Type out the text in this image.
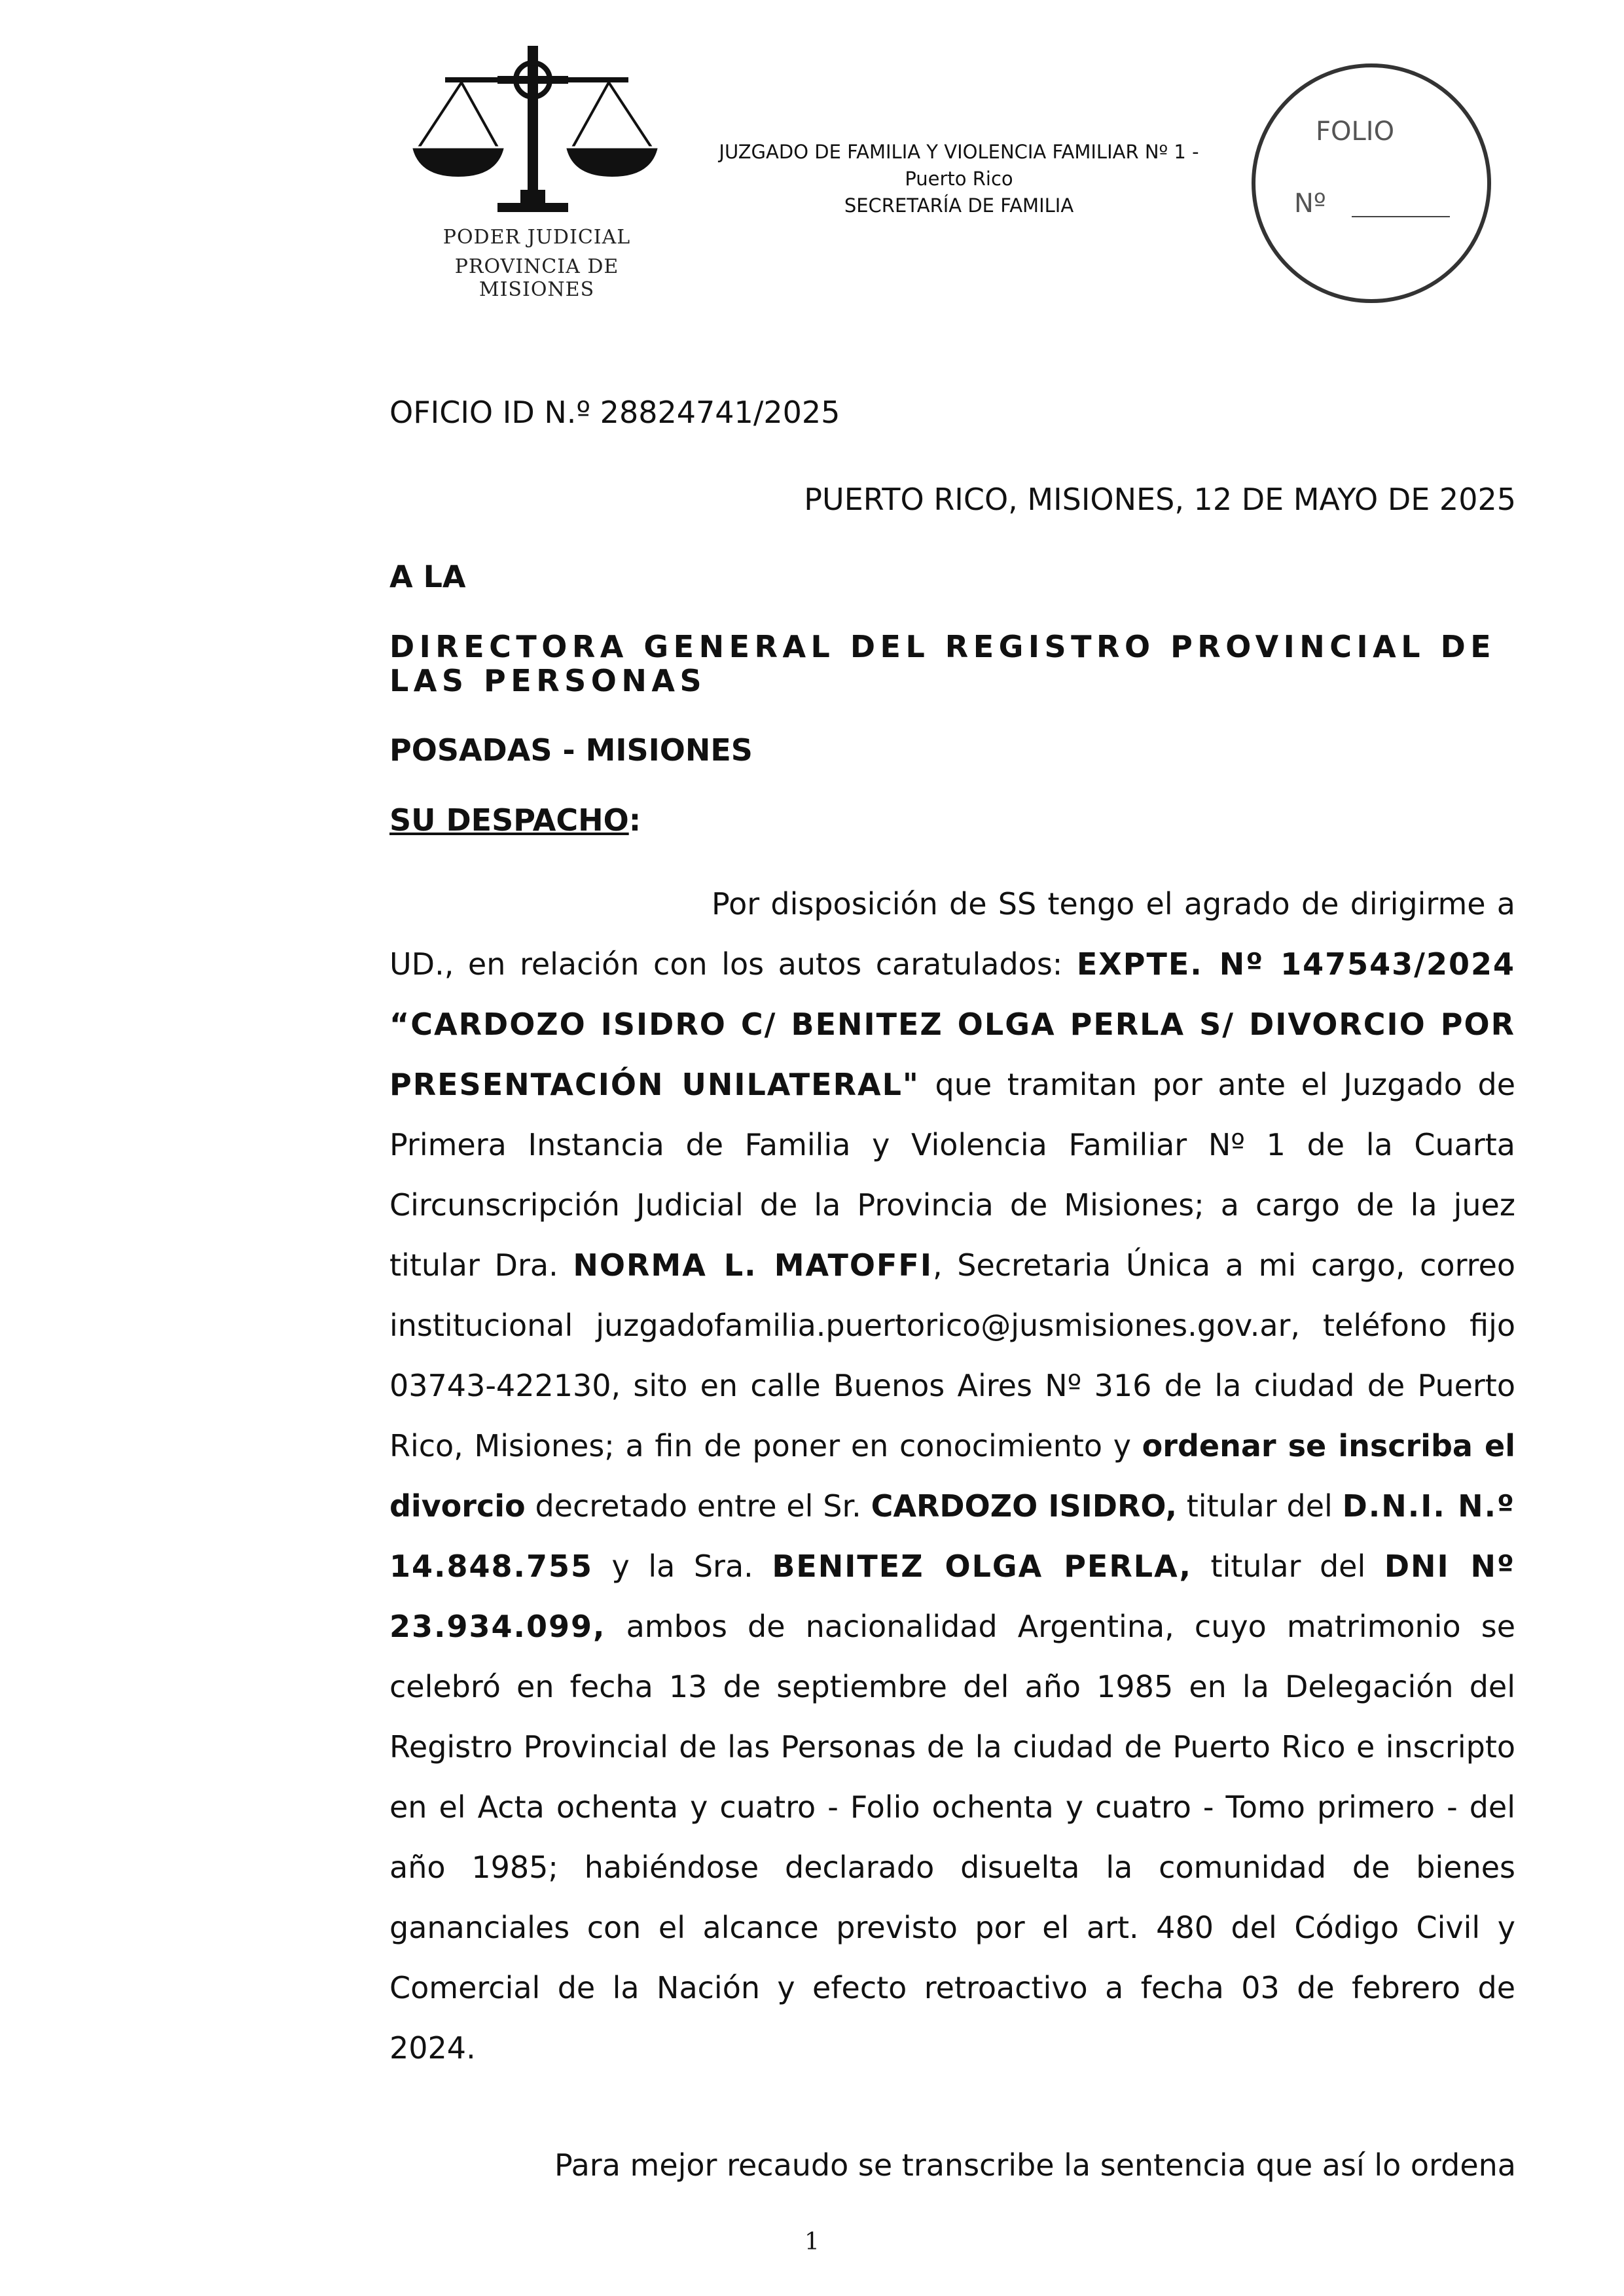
PODER JUDICIAL
PROVINCIA DE MISIONES
JUZGADO DE FAMILIA Y VIOLENCIA FAMILIAR Nº 1 -
Puerto Rico
SECRETARÍA DE FAMILIA
FOLIO
Nº
OFICIO ID N.º 28824741/2025
PUERTO RICO, MISIONES, 12 DE MAYO DE 2025
A LA
DIRECTORA GENERAL DEL REGISTRO PROVINCIAL DE LAS PERSONAS
POSADAS - MISIONES
SU DESPACHO:
Por disposición de SS tengo el agrado de dirigirme a UD., en relación con los autos caratulados: EXPTE. Nº 147543/2024 “CARDOZO ISIDRO C/ BENITEZ OLGA PERLA S/ DIVORCIO POR PRESENTACIÓN UNILATERAL" que tramitan por ante el Juzgado de Primera Instancia de Familia y Violencia Familiar Nº 1 de la Cuarta Circunscripción Judicial de la Provincia de Misiones; a cargo de la juez titular Dra. NORMA L. MATOFFI, Secretaria Única a mi cargo, correo institucional juzgadofamilia.puertorico@jusmisiones.gov.ar, teléfono fijo 03743-422130, sito en calle Buenos Aires Nº 316 de la ciudad de Puerto Rico, Misiones; a fin de poner en conocimiento y ordenar se inscriba el divorcio decretado entre el Sr. CARDOZO ISIDRO, titular del D.N.I. N.º 14.848.755 y la Sra. BENITEZ OLGA PERLA, titular del DNI Nº 23.934.099, ambos de nacionalidad Argentina, cuyo matrimonio se celebró en fecha 13 de septiembre del año 1985 en la Delegación del Registro Provincial de las Personas de la ciudad de Puerto Rico e inscripto en el Acta ochenta y cuatro - Folio ochenta y cuatro - Tomo primero - del año 1985; habiéndose declarado disuelta la comunidad de bienes gananciales con el alcance previsto por el art. 480 del Código Civil y Comercial de la Nación y efecto retroactivo a fecha 03 de febrero de 2024.
Para mejor recaudo se transcribe la sentencia que así lo ordena
1
